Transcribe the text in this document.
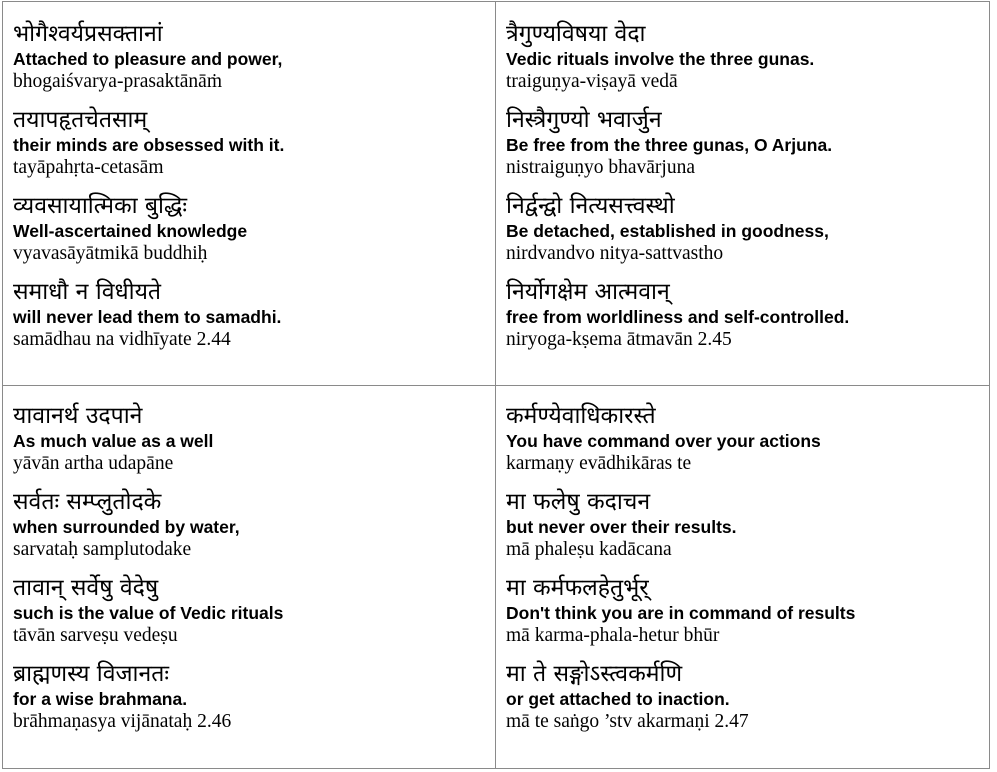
भोगैश्वर्यप्रसक्तानां
Attached to pleasure and power,
bhogaiśvarya-prasaktānāṁ
तयापहृतचेतसाम्
their minds are obsessed with it.
tayāpahṛta-cetasām
व्यवसायात्मिका बुद्धिः
Well-ascertained knowledge
vyavasāyātmikā buddhiḥ
समाधौ न विधीयते
will never lead them to samadhi.
samādhau na vidhīyate 2.44
त्रैगुण्यविषया वेदा
Vedic rituals involve the three gunas.
traiguṇya-viṣayā vedā
निस्त्रैगुण्यो भवार्जुन
Be free from the three gunas, O Arjuna.
nistraiguṇyo bhavārjuna
निर्द्वन्द्वो नित्यसत्त्वस्थो
Be detached, established in goodness,
nirdvandvo nitya-sattvastho
निर्योगक्षेम आत्मवान्
free from worldliness and self-controlled.
niryoga-kṣema ātmavān 2.45
यावानर्थ उदपाने
As much value as a well
yāvān artha udapāne
सर्वतः सम्प्लुतोदके
when surrounded by water,
sarvataḥ samplutodake
तावान् सर्वेषु वेदेषु
such is the value of Vedic rituals
tāvān sarveṣu vedeṣu
ब्राह्मणस्य विजानतः
for a wise brahmana.
brāhmaṇasya vijānataḥ 2.46
कर्मण्येवाधिकारस्ते
You have command over your actions
karmaṇy evādhikāras te
मा फलेषु कदाचन
but never over their results.
mā phaleṣu kadācana
मा कर्मफलहेतुर्भूर्
Don't think you are in command of results
mā karma-phala-hetur bhūr
मा ते सङ्गोऽस्त्वकर्मणि
or get attached to inaction.
mā te saṅgo ’stv akarmaṇi 2.47
